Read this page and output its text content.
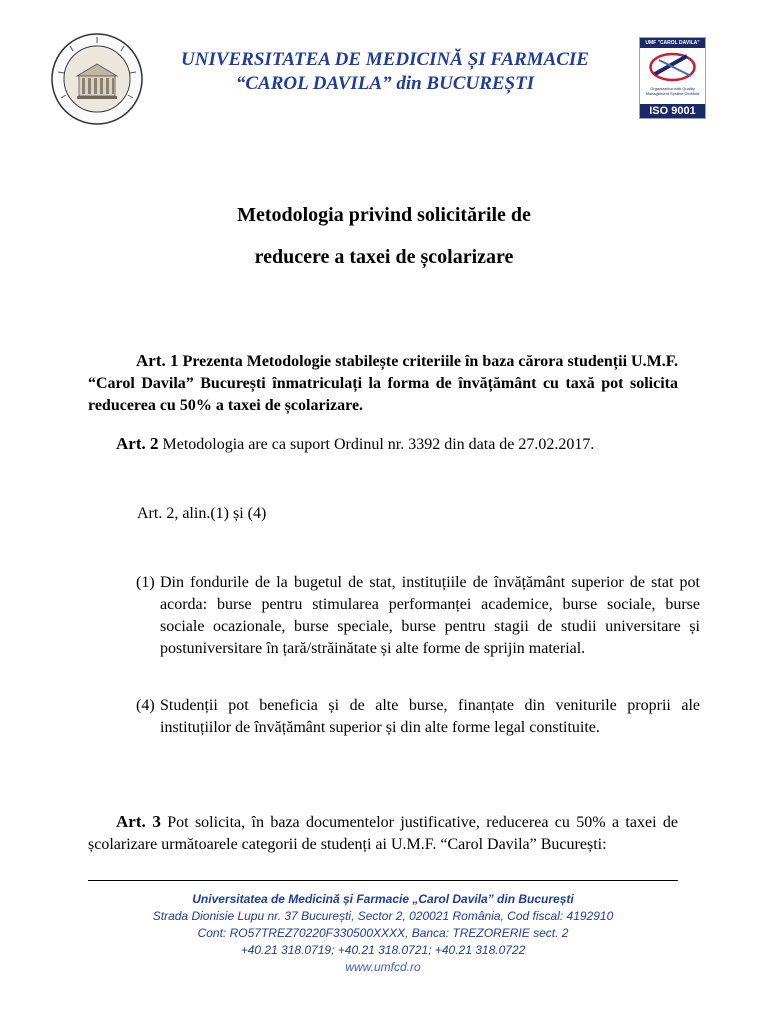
UNIVERSITATEA DE MEDICINĂ ȘI FARMACIE
“CAROL DAVILA” din BUCUREȘTI
UMF "CAROL DAVILA" BUCUREȘTI
Organization with Quality Management System Certified
ISO 9001
Metodologia privind solicitările de
reducere a taxei de școlarizare
Art. 1 Prezenta Metodologie stabilește criteriile în baza cărora studenții U.M.F. “Carol Davila” București înmatriculați la forma de învățământ cu taxă pot solicita reducerea cu 50% a taxei de școlarizare.
Art. 2 Metodologia are ca suport Ordinul nr. 3392 din data de 27.02.2017.
Art. 2, alin.(1) și (4)
(1) Din fondurile de la bugetul de stat, instituțiile de învățământ superior de stat pot acorda: burse pentru stimularea performanței academice, burse sociale, burse sociale ocazionale, burse speciale, burse pentru stagii de studii universitare și postuniversitare în țară/străinătate și alte forme de sprijin material.
(4) Studenții pot beneficia și de alte burse, finanțate din veniturile proprii ale instituțiilor de învățământ superior și din alte forme legal constituite.
Art. 3 Pot solicita, în baza documentelor justificative, reducerea cu 50% a taxei de școlarizare următoarele categorii de studenți ai U.M.F. “Carol Davila” București:
Universitatea de Medicină și Farmacie „Carol Davila” din București
Strada Dionisie Lupu nr. 37 București, Sector 2, 020021 România, Cod fiscal: 4192910
Cont: RO57TREZ70220F330500XXXX, Banca: TREZORERIE sect. 2
+40.21 318.0719; +40.21 318.0721; +40.21 318.0722
www.umfcd.ro
